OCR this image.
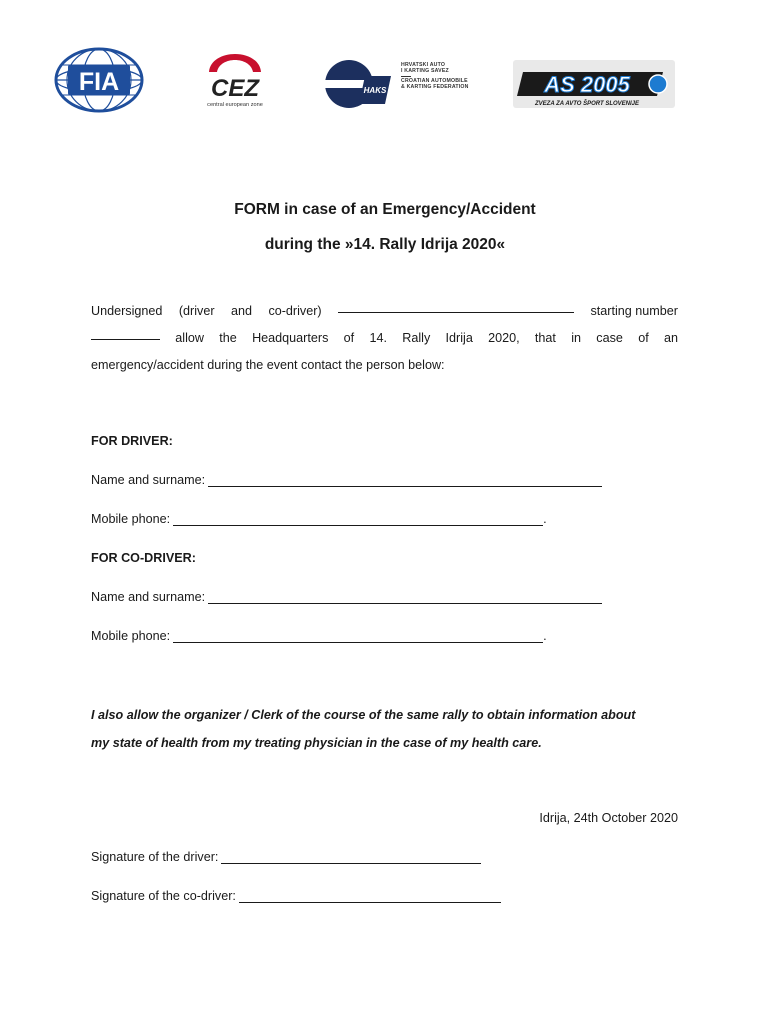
FIA	CEZ
central european zone
HAKS
HRVATSKI AUTO
I KARTING SAVEZ
CROATIAN AUTOMOBILE
& KARTING FEDERATION	AS 2005
ZVEZA ZA AVTO ŠPORT SLOVENIJE
FORM in case of an Emergency/Accident
during the »14. Rally Idrija 2020«
Undersigned (driver and co-driver)	starting number
allow the Headquarters of 14. Rally Idrija 2020, that in case of an
emergency/accident during the event contact the person below:
FOR DRIVER:
Name and surname:
Mobile phone:	.
FOR CO-DRIVER:
Name and surname:
Mobile phone:	.
I also allow the organizer / Clerk of the course of the same rally to obtain information about
my state of health from my treating physician in the case of my health care.
Idrija, 24th October 2020
Signature of the driver:
Signature of the co-driver:
